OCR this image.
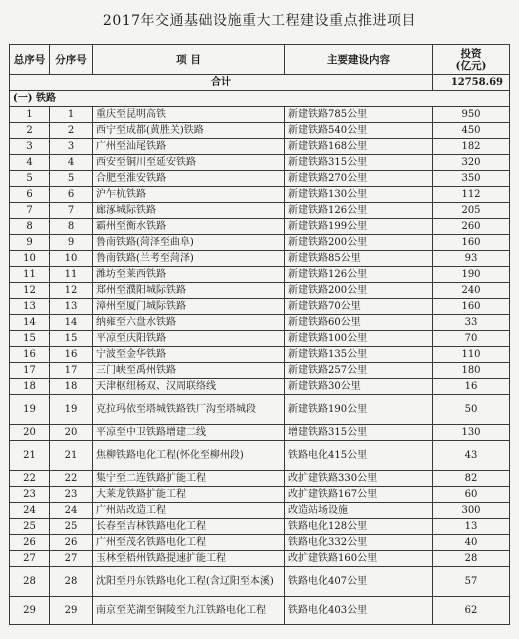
2017年交通基础设施重大工程建设重点推进项目
总序号	分序号	项 目	主要建设内容	投资
(亿元)

合计				12758.69
(一) 铁路				
1	1	重庆至昆明高铁	新建铁路785公里	950
2	2	西宁至成都(黄胜关)铁路	新建铁路540公里	450
3	3	广州至汕尾铁路	新建铁路168公里	182
4	4	西安至铜川至延安铁路	新建铁路315公里	320
5	5	合肥至淮安铁路	新建铁路270公里	350
6	6	沪乍杭铁路	新建铁路130公里	112
7	7	廊涿城际铁路	新建铁路126公里	205
8	8	霸州至衡水铁路	新建铁路199公里	260
9	9	鲁南铁路(菏泽至曲阜)	新建铁路200公里	160
10	10	鲁南铁路(兰考至菏泽)	新建铁路85公里	93
11	11	潍坊至莱西铁路	新建铁路126公里	190
12	12	郑州至濮阳城际铁路	新建铁路200公里	240
13	13	漳州至厦门城际铁路	新建铁路70公里	160
14	14	纳雍至六盘水铁路	新建铁路60公里	33
15	15	平凉至庆阳铁路	新建铁路100公里	70
16	16	宁波至金华铁路	新建铁路135公里	110
17	17	三门峡至禹州铁路	新建铁路257公里	180
18	18	天津枢纽杨双、汉周联络线	新建铁路30公里	16
19	19	克拉玛依至塔城铁路铁厂沟至塔城段	新建铁路190公里	50
20	20	平凉至中卫铁路增建二线	增建铁路315公里	130
21	21	焦柳铁路电化工程(怀化至柳州段)	铁路电化415公里	43
22	22	集宁至二连铁路扩能工程	改扩建铁路330公里	82
23	23	大莱龙铁路扩能工程	改扩建铁路167公里	60
24	24	广州站改造工程	改造站场设施	300
25	25	长春至吉林铁路电化工程	铁路电化128公里	13
26	26	广州至茂名铁路电化工程	铁路电化332公里	40
27	27	玉林至梧州铁路提速扩能工程	改扩建铁路160公里	28
28	28	沈阳至丹东铁路电化工程(含辽阳至本溪)	铁路电化407公里	57
29	29	南京至芜湖至铜陵至九江铁路电化工程	铁路电化403公里	62
